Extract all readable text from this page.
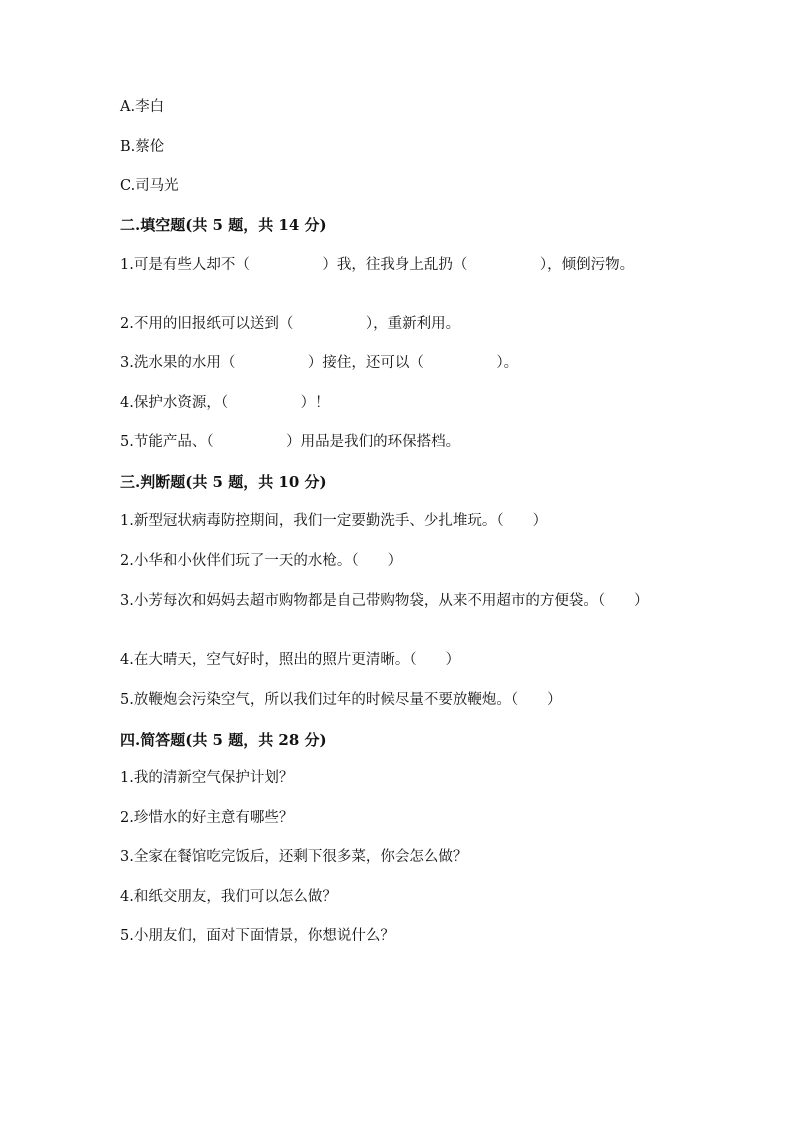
A.李白
B.蔡伦
C.司马光
二.填空题(共 5 题，共 14 分)
1.可是有些人却不（　　　　　）我，往我身上乱扔（　　　　　），倾倒污物。
2.不用的旧报纸可以送到（　　　　　），重新利用。
3.洗水果的水用（　　　　　）接住，还可以（　　　　　）。
4.保护水资源，（　　　　　）！
5.节能产品、（　　　　　）用品是我们的环保搭档。
三.判断题(共 5 题，共 10 分)
1.新型冠状病毒防控期间，我们一定要勤洗手、少扎堆玩。（　　）
2.小华和小伙伴们玩了一天的水枪。（　　）
3.小芳每次和妈妈去超市购物都是自己带购物袋，从来不用超市的方便袋。（　　）
4.在大晴天，空气好时，照出的照片更清晰。（　　）
5.放鞭炮会污染空气，所以我们过年的时候尽量不要放鞭炮。（　　）
四.简答题(共 5 题，共 28 分)
1.我的清新空气保护计划？
2.珍惜水的好主意有哪些？
3.全家在餐馆吃完饭后，还剩下很多菜，你会怎么做？
4.和纸交朋友，我们可以怎么做？
5.小朋友们，面对下面情景，你想说什么？
